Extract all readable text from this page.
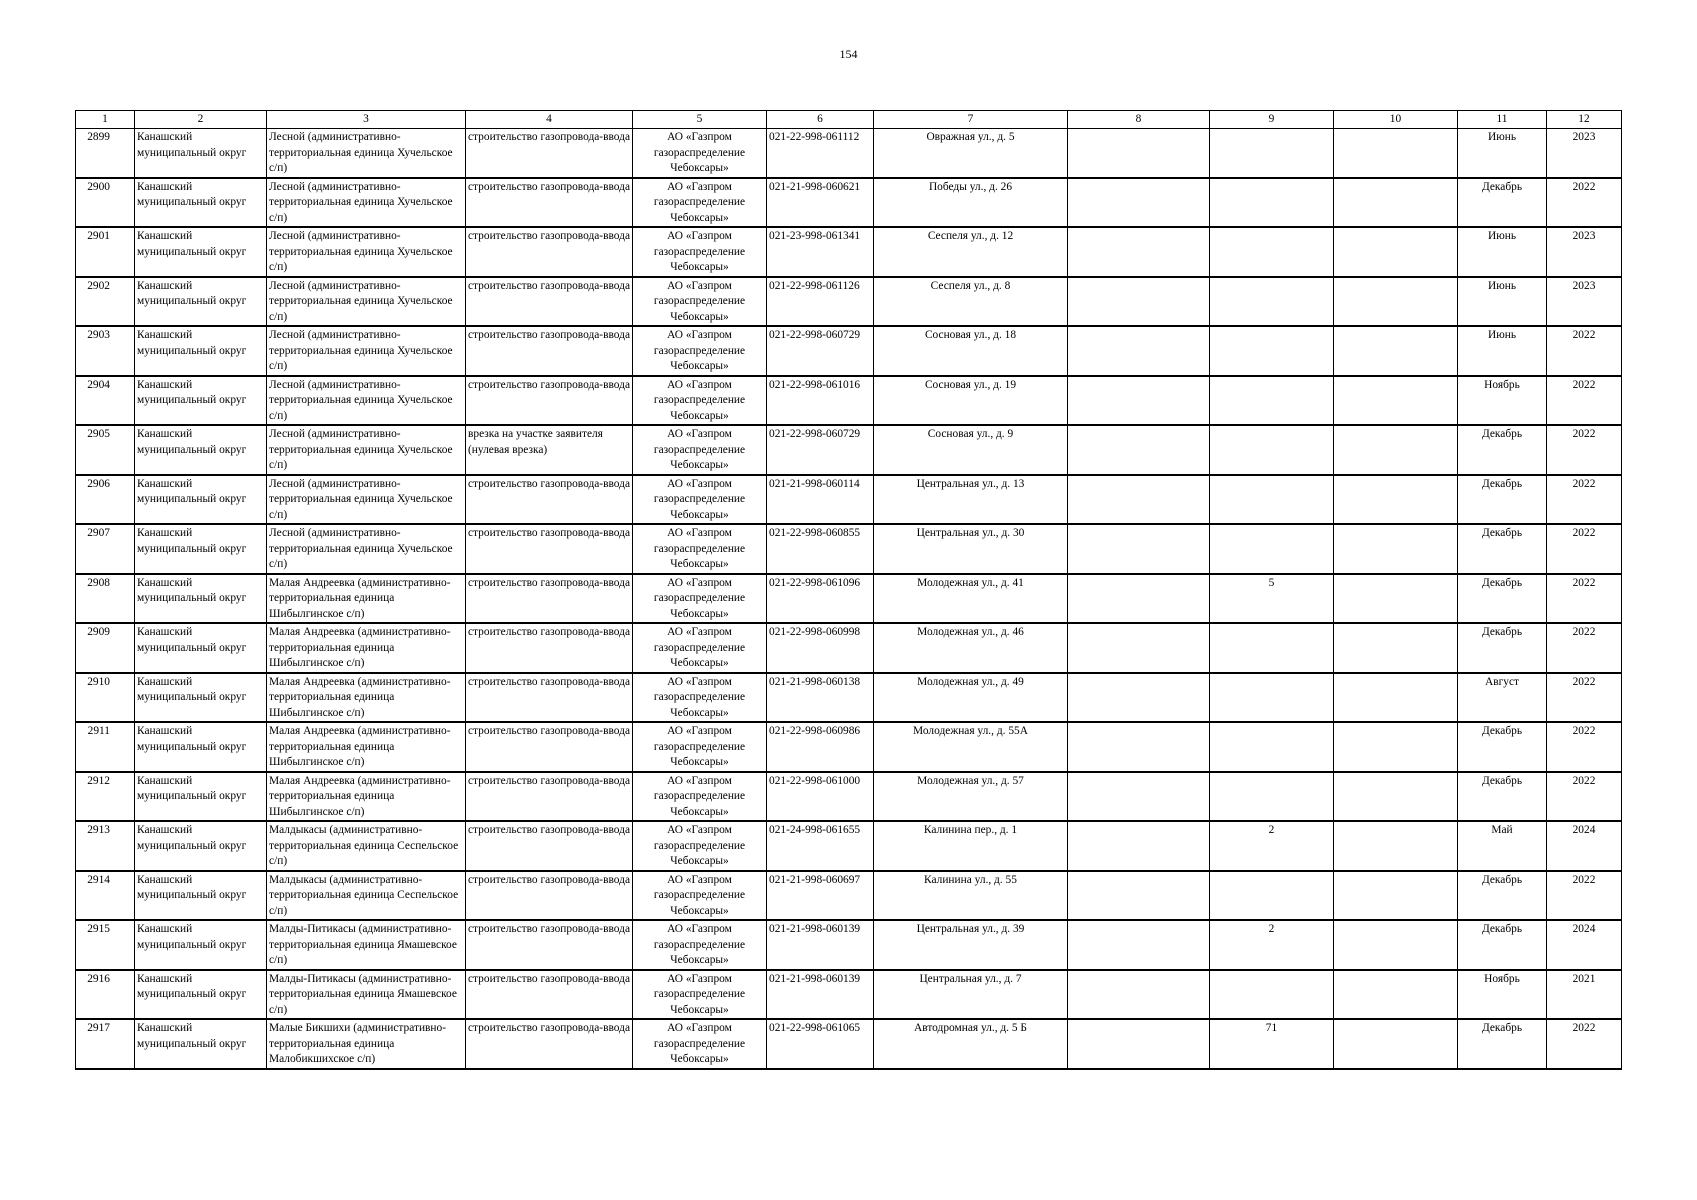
154
1	2	3	4	5	6	7	8	9	10	11	12
2899	Канашский муниципальный округ	Лесной (административно-территориальная единица Хучельское с/п)	строительство газопровода-ввода	АО «Газпром газораспределение Чебоксары»	021-22-998-061112	Овражная ул., д. 5				Июнь	2023
2900	Канашский муниципальный округ	Лесной (административно-территориальная единица Хучельское с/п)	строительство газопровода-ввода	АО «Газпром газораспределение Чебоксары»	021-21-998-060621	Победы ул., д. 26				Декабрь	2022
2901	Канашский муниципальный округ	Лесной (административно-территориальная единица Хучельское с/п)	строительство газопровода-ввода	АО «Газпром газораспределение Чебоксары»	021-23-998-061341	Сеспеля ул., д. 12				Июнь	2023
2902	Канашский муниципальный округ	Лесной (административно-территориальная единица Хучельское с/п)	строительство газопровода-ввода	АО «Газпром газораспределение Чебоксары»	021-22-998-061126	Сеспеля ул., д. 8				Июнь	2023
2903	Канашский муниципальный округ	Лесной (административно-территориальная единица Хучельское с/п)	строительство газопровода-ввода	АО «Газпром газораспределение Чебоксары»	021-22-998-060729	Сосновая ул., д. 18				Июнь	2022
2904	Канашский муниципальный округ	Лесной (административно-территориальная единица Хучельское с/п)	строительство газопровода-ввода	АО «Газпром газораспределение Чебоксары»	021-22-998-061016	Сосновая ул., д. 19				Ноябрь	2022
2905	Канашский муниципальный округ	Лесной (административно-территориальная единица Хучельское с/п)	врезка на участке заявителя (нулевая врезка)	АО «Газпром газораспределение Чебоксары»	021-22-998-060729	Сосновая ул., д. 9				Декабрь	2022
2906	Канашский муниципальный округ	Лесной (административно-территориальная единица Хучельское с/п)	строительство газопровода-ввода	АО «Газпром газораспределение Чебоксары»	021-21-998-060114	Центральная ул., д. 13				Декабрь	2022
2907	Канашский муниципальный округ	Лесной (административно-территориальная единица Хучельское с/п)	строительство газопровода-ввода	АО «Газпром газораспределение Чебоксары»	021-22-998-060855	Центральная ул., д. 30				Декабрь	2022
2908	Канашский муниципальный округ	Малая Андреевка (административно-территориальная единица Шибылгинское с/п)	строительство газопровода-ввода	АО «Газпром газораспределение Чебоксары»	021-22-998-061096	Молодежная ул., д. 41		5		Декабрь	2022
2909	Канашский муниципальный округ	Малая Андреевка (административно-территориальная единица Шибылгинское с/п)	строительство газопровода-ввода	АО «Газпром газораспределение Чебоксары»	021-22-998-060998	Молодежная ул., д. 46				Декабрь	2022
2910	Канашский муниципальный округ	Малая Андреевка (административно-территориальная единица Шибылгинское с/п)	строительство газопровода-ввода	АО «Газпром газораспределение Чебоксары»	021-21-998-060138	Молодежная ул., д. 49				Август	2022
2911	Канашский муниципальный округ	Малая Андреевка (административно-территориальная единица Шибылгинское с/п)	строительство газопровода-ввода	АО «Газпром газораспределение Чебоксары»	021-22-998-060986	Молодежная ул., д. 55А				Декабрь	2022
2912	Канашский муниципальный округ	Малая Андреевка (административно-территориальная единица Шибылгинское с/п)	строительство газопровода-ввода	АО «Газпром газораспределение Чебоксары»	021-22-998-061000	Молодежная ул., д. 57				Декабрь	2022
2913	Канашский муниципальный округ	Малдыкасы (административно-территориальная единица Сеспельское с/п)	строительство газопровода-ввода	АО «Газпром газораспределение Чебоксары»	021-24-998-061655	Калинина пер., д. 1		2		Май	2024
2914	Канашский муниципальный округ	Малдыкасы (административно-территориальная единица Сеспельское с/п)	строительство газопровода-ввода	АО «Газпром газораспределение Чебоксары»	021-21-998-060697	Калинина ул., д. 55				Декабрь	2022
2915	Канашский муниципальный округ	Малды-Питикасы (административно-территориальная единица Ямашевское с/п)	строительство газопровода-ввода	АО «Газпром газораспределение Чебоксары»	021-21-998-060139	Центральная ул., д. 39		2		Декабрь	2024
2916	Канашский муниципальный округ	Малды-Питикасы (административно-территориальная единица Ямашевское с/п)	строительство газопровода-ввода	АО «Газпром газораспределение Чебоксары»	021-21-998-060139	Центральная ул., д. 7				Ноябрь	2021
2917	Канашский муниципальный округ	Малые Бикшихи (административно-территориальная единица Малобикшихское с/п)	строительство газопровода-ввода	АО «Газпром газораспределение Чебоксары»	021-22-998-061065	Автодромная ул., д. 5 Б		71		Декабрь	2022
